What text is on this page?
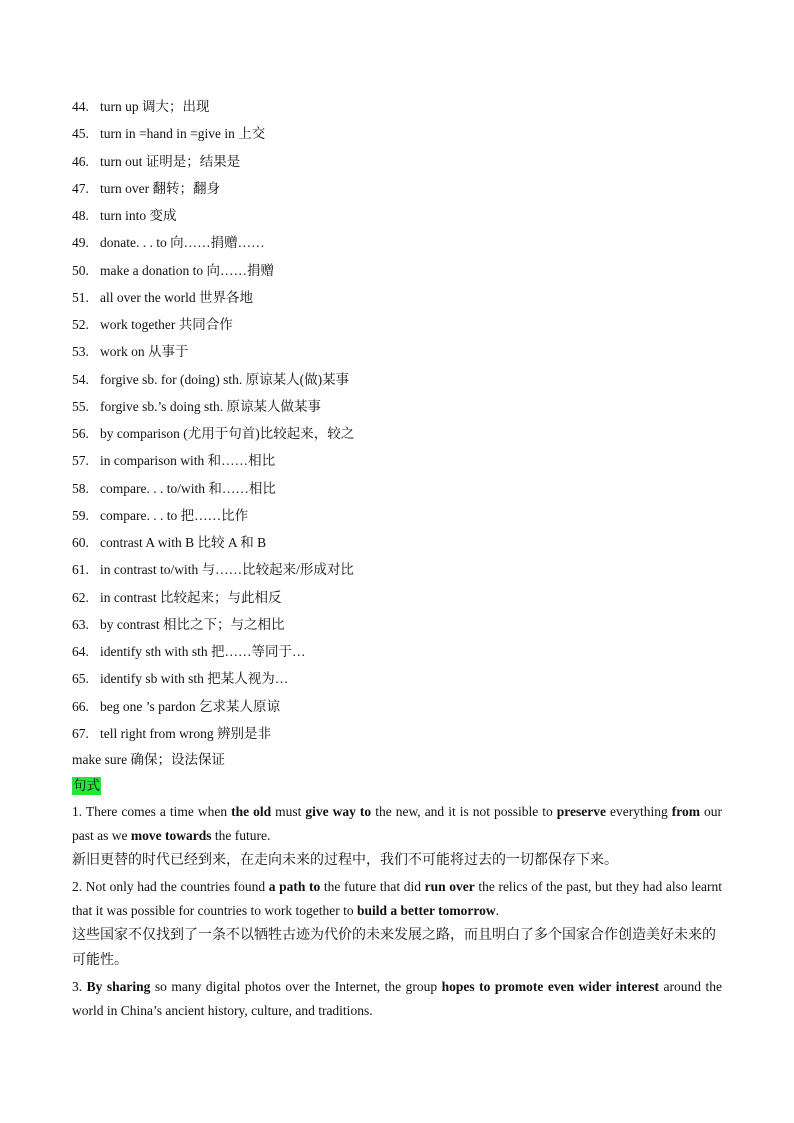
44. turn up 调大；出现
45. turn in =hand in =give in 上交
46. turn out 证明是；结果是
47. turn over 翻转；翻身
48. turn into 变成
49. donate. . . to 向……捐赠……
50. make a donation to 向……捐赠
51. all over the world 世界各地
52. work together 共同合作
53. work on 从事于
54. forgive sb. for (doing) sth. 原谅某人(做)某事
55. forgive sb.’s doing sth. 原谅某人做某事
56. by comparison (尤用于句首)比较起来，较之
57. in comparison with 和……相比
58. compare. . . to/with 和……相比
59. compare. . . to 把……比作
60. contrast A with B 比较 A 和 B
61. in contrast to/with 与……比较起来/形成对比
62. in contrast 比较起来；与此相反
63. by contrast 相比之下；与之相比
64. identify sth with sth 把……等同于…
65. identify sb with sth 把某人视为…
66. beg one ’s pardon 乞求某人原谅
67. tell right from wrong 辨别是非
make sure 确保；设法保证
句式
1. There comes a time when the old must give way to the new, and it is not possible to preserve everything from our past as we move towards the future.
新旧更替的时代已经到来，在走向未来的过程中，我们不可能将过去的一切都保存下来。
2. Not only had the countries found a path to the future that did run over the relics of the past, but they had also learnt that it was possible for countries to work together to build a better tomorrow.
这些国家不仅找到了一条不以牺牲古迹为代价的未来发展之路，而且明白了多个国家合作创造美好未来的可能性。
3. By sharing so many digital photos over the Internet, the group hopes to promote even wider interest around the world in China’s ancient history, culture, and traditions.
